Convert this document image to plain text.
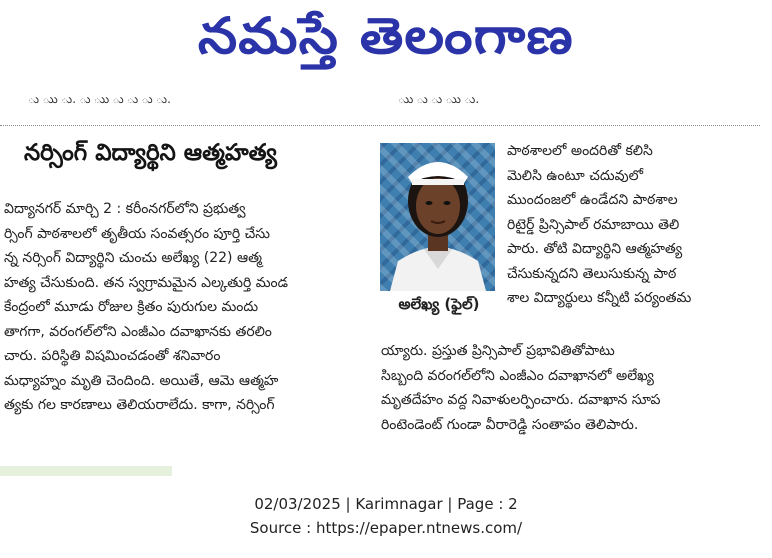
నమస్తే తెలంగాణ
ు ుు ు. ు ుు ు ు ు ు.	ుు ు ు ుు ు.
నర్సింగ్ విద్యార్థిని ఆత్మహత్య
విద్యానగర్ మార్చి 2 : కరీంనగర్‌లోని ప్రభుత్వ
ర్సింగ్ పాఠశాలలో తృతీయ సంవత్సరం పూర్తి చేసు
న్న నర్సింగ్ విద్యార్థిని చుంచు అలేఖ్య (22) ఆత్మ
హత్య చేసుకుంది. తన స్వగ్రామమైన ఎల్కతుర్తి మండ
కేంద్రంలో మూడు రోజుల క్రితం పురుగుల మందు
తాగగా, వరంగల్‌లోని ఎంజీఎం దవాఖానకు తరలిం
చారు. పరిస్థితి విషమించడంతో శనివారం
మధ్యాహ్నం మృతి చెందింది. అయితే, ఆమె ఆత్మహ
త్యకు గల కారణాలు తెలియరాలేదు. కాగా, నర్సింగ్
అలేఖ్య (ఫైల్)
పాఠశాలలో అందరితో కలిసి
మెలిసి ఉంటూ చదువులో
ముందంజలో ఉండేదని పాఠశాల
రిటైర్డ్ ప్రిన్సిపాల్ రమాబాయి తెలి
పారు. తోటి విద్యార్థిని ఆత్మహత్య
చేసుకున్నదని తెలుసుకున్న పాఠ
శాల విద్యార్థులు కన్నీటి పర్యంతమ
య్యారు. ప్రస్తుత ప్రిన్సిపాల్ ప్రభావితితోపాటు
సిబ్బంది వరంగల్‌లోని ఎంజీఎం దవాఖానలో అలేఖ్య
మృతదేహం వద్ద నివాళులర్పించారు. దవాఖాన సూప
రింటెండెంట్ గుండా వీరారెడ్డి సంతాపం తెలిపారు.
02/03/2025 | Karimnagar | Page : 2
Source : https://epaper.ntnews.com/
